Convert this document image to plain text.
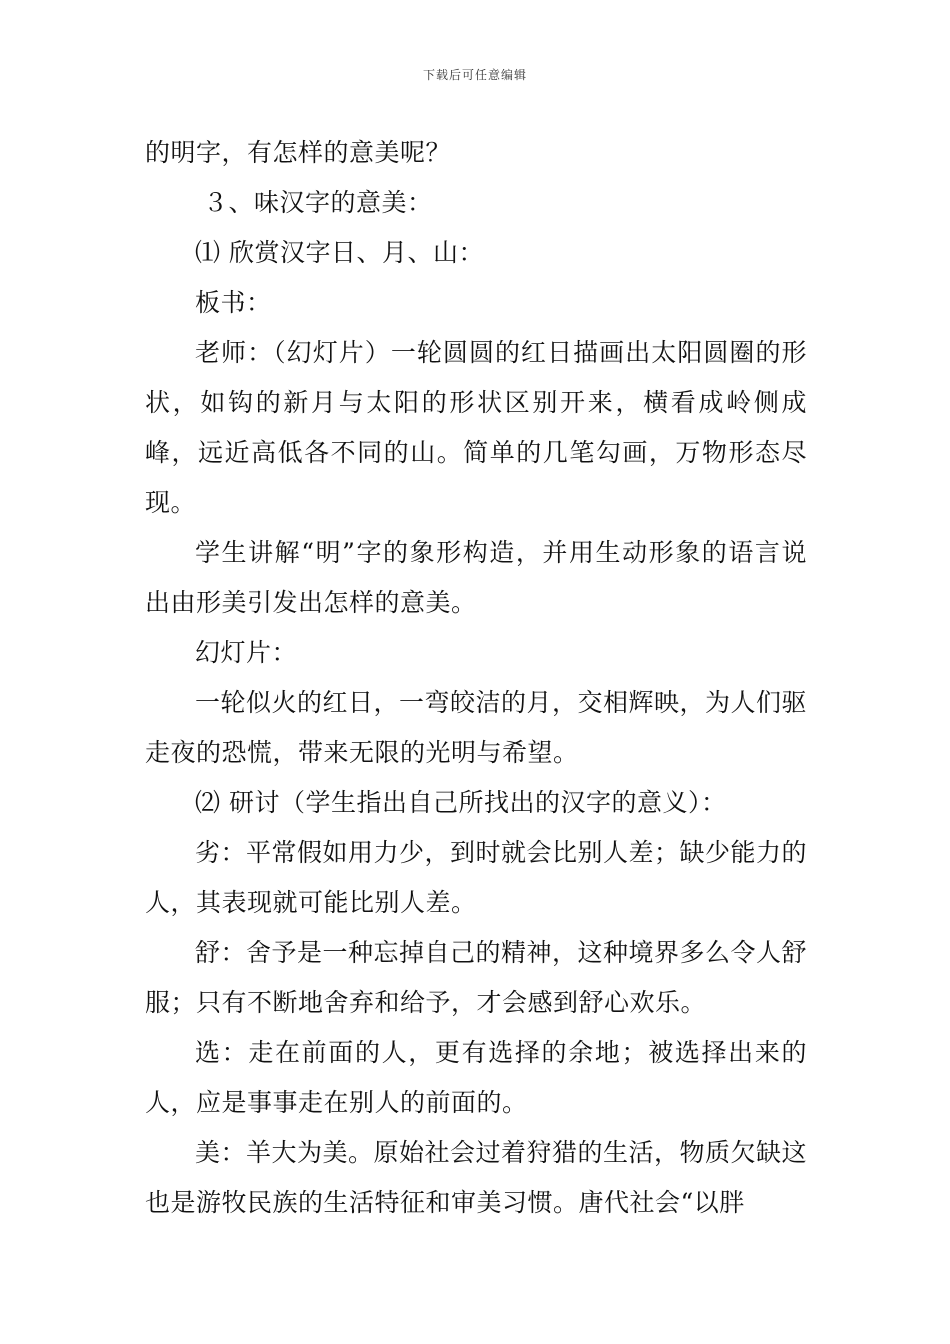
下载后可任意编辑

的明字，有怎样的意美呢？

３、味汉字的意美：

⑴ 欣赏汉字日、月、山：

板书：

老师：（幻灯片）一轮圆圆的红日描画出太阳圆圈的形状，如钩的新月与太阳的形状区别开来，横看成岭侧成峰，远近高低各不同的山。简单的几笔勾画，万物形态尽现。

学生讲解“明”字的象形构造，并用生动形象的语言说出由形美引发出怎样的意美。

幻灯片：

一轮似火的红日，一弯皎洁的月，交相辉映，为人们驱走夜的恐慌，带来无限的光明与希望。

⑵ 研讨（学生指出自己所找出的汉字的意义）：

劣：平常假如用力少，到时就会比别人差；缺少能力的人，其表现就可能比别人差。

舒：舍予是一种忘掉自己的精神，这种境界多么令人舒服；只有不断地舍弃和给予，才会感到舒心欢乐。

选：走在前面的人，更有选择的余地；被选择出来的人，应是事事走在别人的前面的。

美：羊大为美。原始社会过着狩猎的生活，物质欠缺这也是游牧民族的生活特征和审美习惯。唐代社会“以胖
